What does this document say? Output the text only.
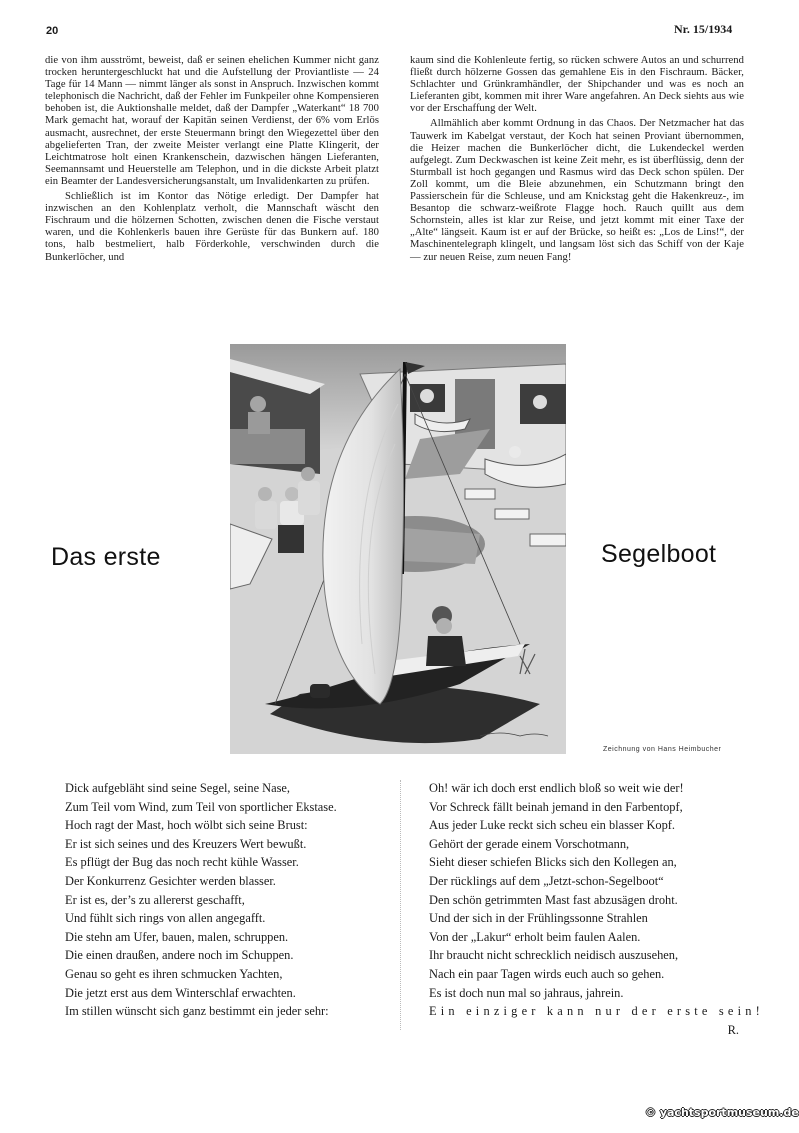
20	Nr. 15/1934

die von ihm ausströmt, beweist, daß er seinen ehelichen Kummer nicht ganz trocken heruntergeschluckt hat und die Aufstellung der Proviantliste — 24 Tage für 14 Mann — nimmt länger als sonst in Anspruch. Inzwischen kommt telephonisch die Nachricht, daß der Fehler im Funkpeiler ohne Kompensieren behoben ist, die Auktionshalle meldet, daß der Dampfer „Waterkant“ 18 700 Mark gemacht hat, worauf der Kapitän seinen Verdienst, der 6% vom Erlös ausmacht, ausrechnet, der erste Steuermann bringt den Wiegezettel über den abgelieferten Tran, der zweite Meister verlangt eine Platte Klingerit, der Leichtmatrose holt einen Krankenschein, dazwischen hängen Lieferanten, Seemannsamt und Heuerstelle am Telephon, und in die dickste Arbeit platzt ein Beamter der Landesversicherungsanstalt, um Invalidenkarten zu prüfen.

Schließlich ist im Kontor das Nötige erledigt. Der Dampfer hat inzwischen an den Kohlenplatz verholt, die Mannschaft wäscht den Fischraum und die hölzernen Schotten, zwischen denen die Fische verstaut waren, und die Kohlenkerls bauen ihre Gerüste für das Bunkern auf. 180 tons, halb bestmeliert, halb Förderkohle, verschwinden durch die Bunkerlöcher, und

kaum sind die Kohlenleute fertig, so rücken schwere Autos an und schurrend fließt durch hölzerne Gossen das gemahlene Eis in den Fischraum. Bäcker, Schlachter und Grünkramhändler, der Shipchander und was es noch an Lieferanten gibt, kommen mit ihrer Ware angefahren. An Deck siehts aus wie vor der Erschaffung der Welt.

Allmählich aber kommt Ordnung in das Chaos. Der Netzmacher hat das Tauwerk im Kabelgat verstaut, der Koch hat seinen Proviant übernommen, die Heizer machen die Bunkerlöcher dicht, die Lukendeckel werden aufgelegt. Zum Deckwaschen ist keine Zeit mehr, es ist überflüssig, denn der Sturmball ist hoch gegangen und Rasmus wird das Deck schon spülen. Der Zoll kommt, um die Bleie abzunehmen, ein Schutzmann bringt den Passierschein für die Schleuse, und am Knickstag geht die Hakenkreuz-, im Besantop die schwarz-weißrote Flagge hoch. Rauch quillt aus dem Schornstein, alles ist klar zur Reise, und jetzt kommt mit einer Taxe der „Alte“ längseit. Kaum ist er auf der Brücke, so heißt es: „Los de Lins!“, der Maschinentelegraph klingelt, und langsam löst sich das Schiff von der Kaje — zur neuen Reise, zum neuen Fang!

Das erste	Segelboot
Zeichnung von Hans Heimbucher
Dick aufgebläht sind seine Segel, seine Nase,
Zum Teil vom Wind, zum Teil von sportlicher Ekstase.
Hoch ragt der Mast, hoch wölbt sich seine Brust:
Er ist sich seines und des Kreuzers Wert bewußt.
Es pflügt der Bug das noch recht kühle Wasser.
Der Konkurrenz Gesichter werden blasser.
Er ist es, der’s zu allererst geschafft,
Und fühlt sich rings von allen angegafft.
Die stehn am Ufer, bauen, malen, schruppen.
Die einen draußen, andere noch im Schuppen.
Genau so geht es ihren schmucken Yachten,
Die jetzt erst aus dem Winterschlaf erwachten.
Im stillen wünscht sich ganz bestimmt ein jeder sehr:
Oh! wär ich doch erst endlich bloß so weit wie der!
Vor Schreck fällt beinah jemand in den Farbentopf,
Aus jeder Luke reckt sich scheu ein blasser Kopf.
Gehört der gerade einem Vorschotmann,
Sieht dieser schiefen Blicks sich den Kollegen an,
Der rücklings auf dem „Jetzt-schon-Segelboot“
Den schön getrimmten Mast fast abzusägen droht.
Und der sich in der Frühlingssonne Strahlen
Von der „Lakur“ erholt beim faulen Aalen.
Ihr braucht nicht schrecklich neidisch auszusehen,
Nach ein paar Tagen wirds euch auch so gehen.
Es ist doch nun mal so jahraus, jahrein.
Ein einziger kann nur der erste sein!
R.
© yachtsportmuseum.de
